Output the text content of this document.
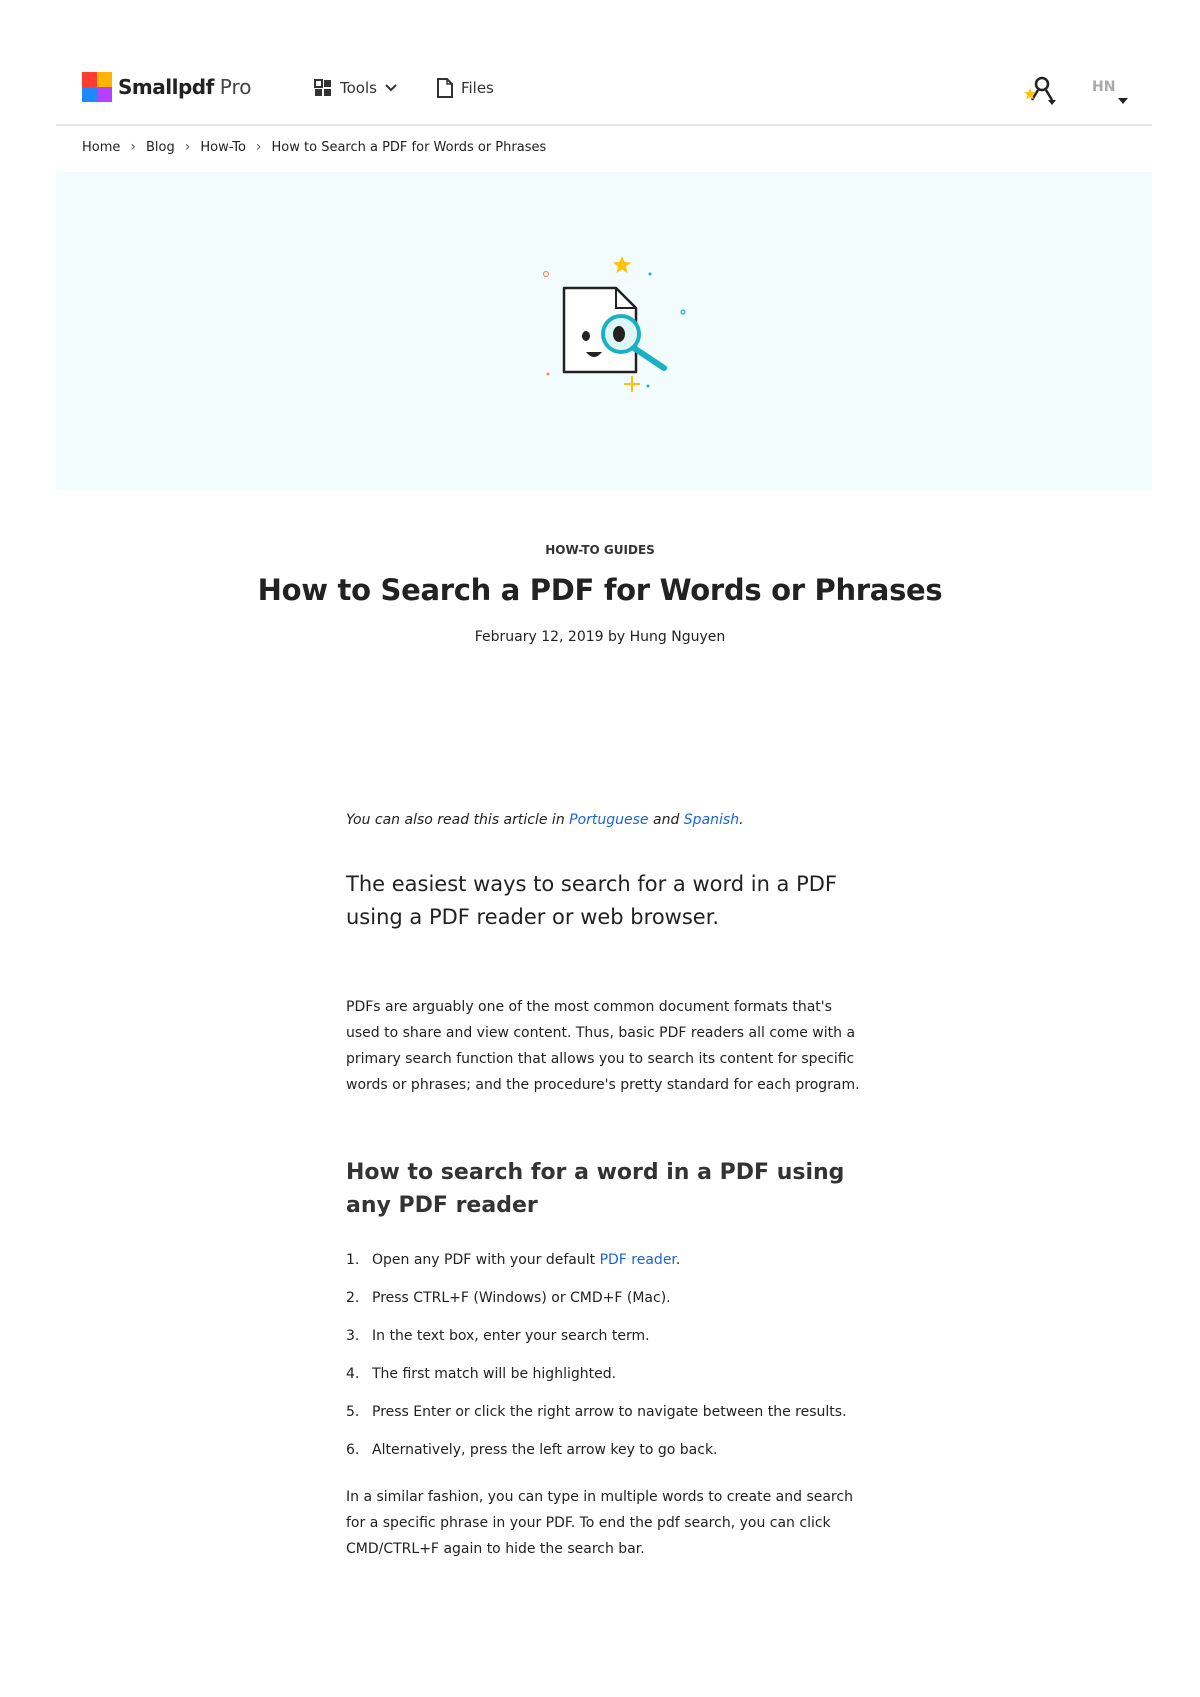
Smallpdf Pro	Tools	Files	HN
Home › Blog › How-To › How to Search a PDF for Words or Phrases
HOW-TO GUIDES
How to Search a PDF for Words or Phrases
February 12, 2019 by Hung Nguyen

You can also read this article in Portuguese and Spanish.

The easiest ways to search for a word in a PDF using a PDF reader or web browser.

PDFs are arguably one of the most common document formats that's used to share and view content. Thus, basic PDF readers all come with a primary search function that allows you to search its content for specific words or phrases; and the procedure's pretty standard for each program.

How to search for a word in a PDF using any PDF reader
1. Open any PDF with your default PDF reader.
2. Press CTRL+F (Windows) or CMD+F (Mac).
3. In the text box, enter your search term.
4. The first match will be highlighted.
5. Press Enter or click the right arrow to navigate between the results.
6. Alternatively, press the left arrow key to go back.

In a similar fashion, you can type in multiple words to create and search for a specific phrase in your PDF. To end the pdf search, you can click CMD/CTRL+F again to hide the search bar.
